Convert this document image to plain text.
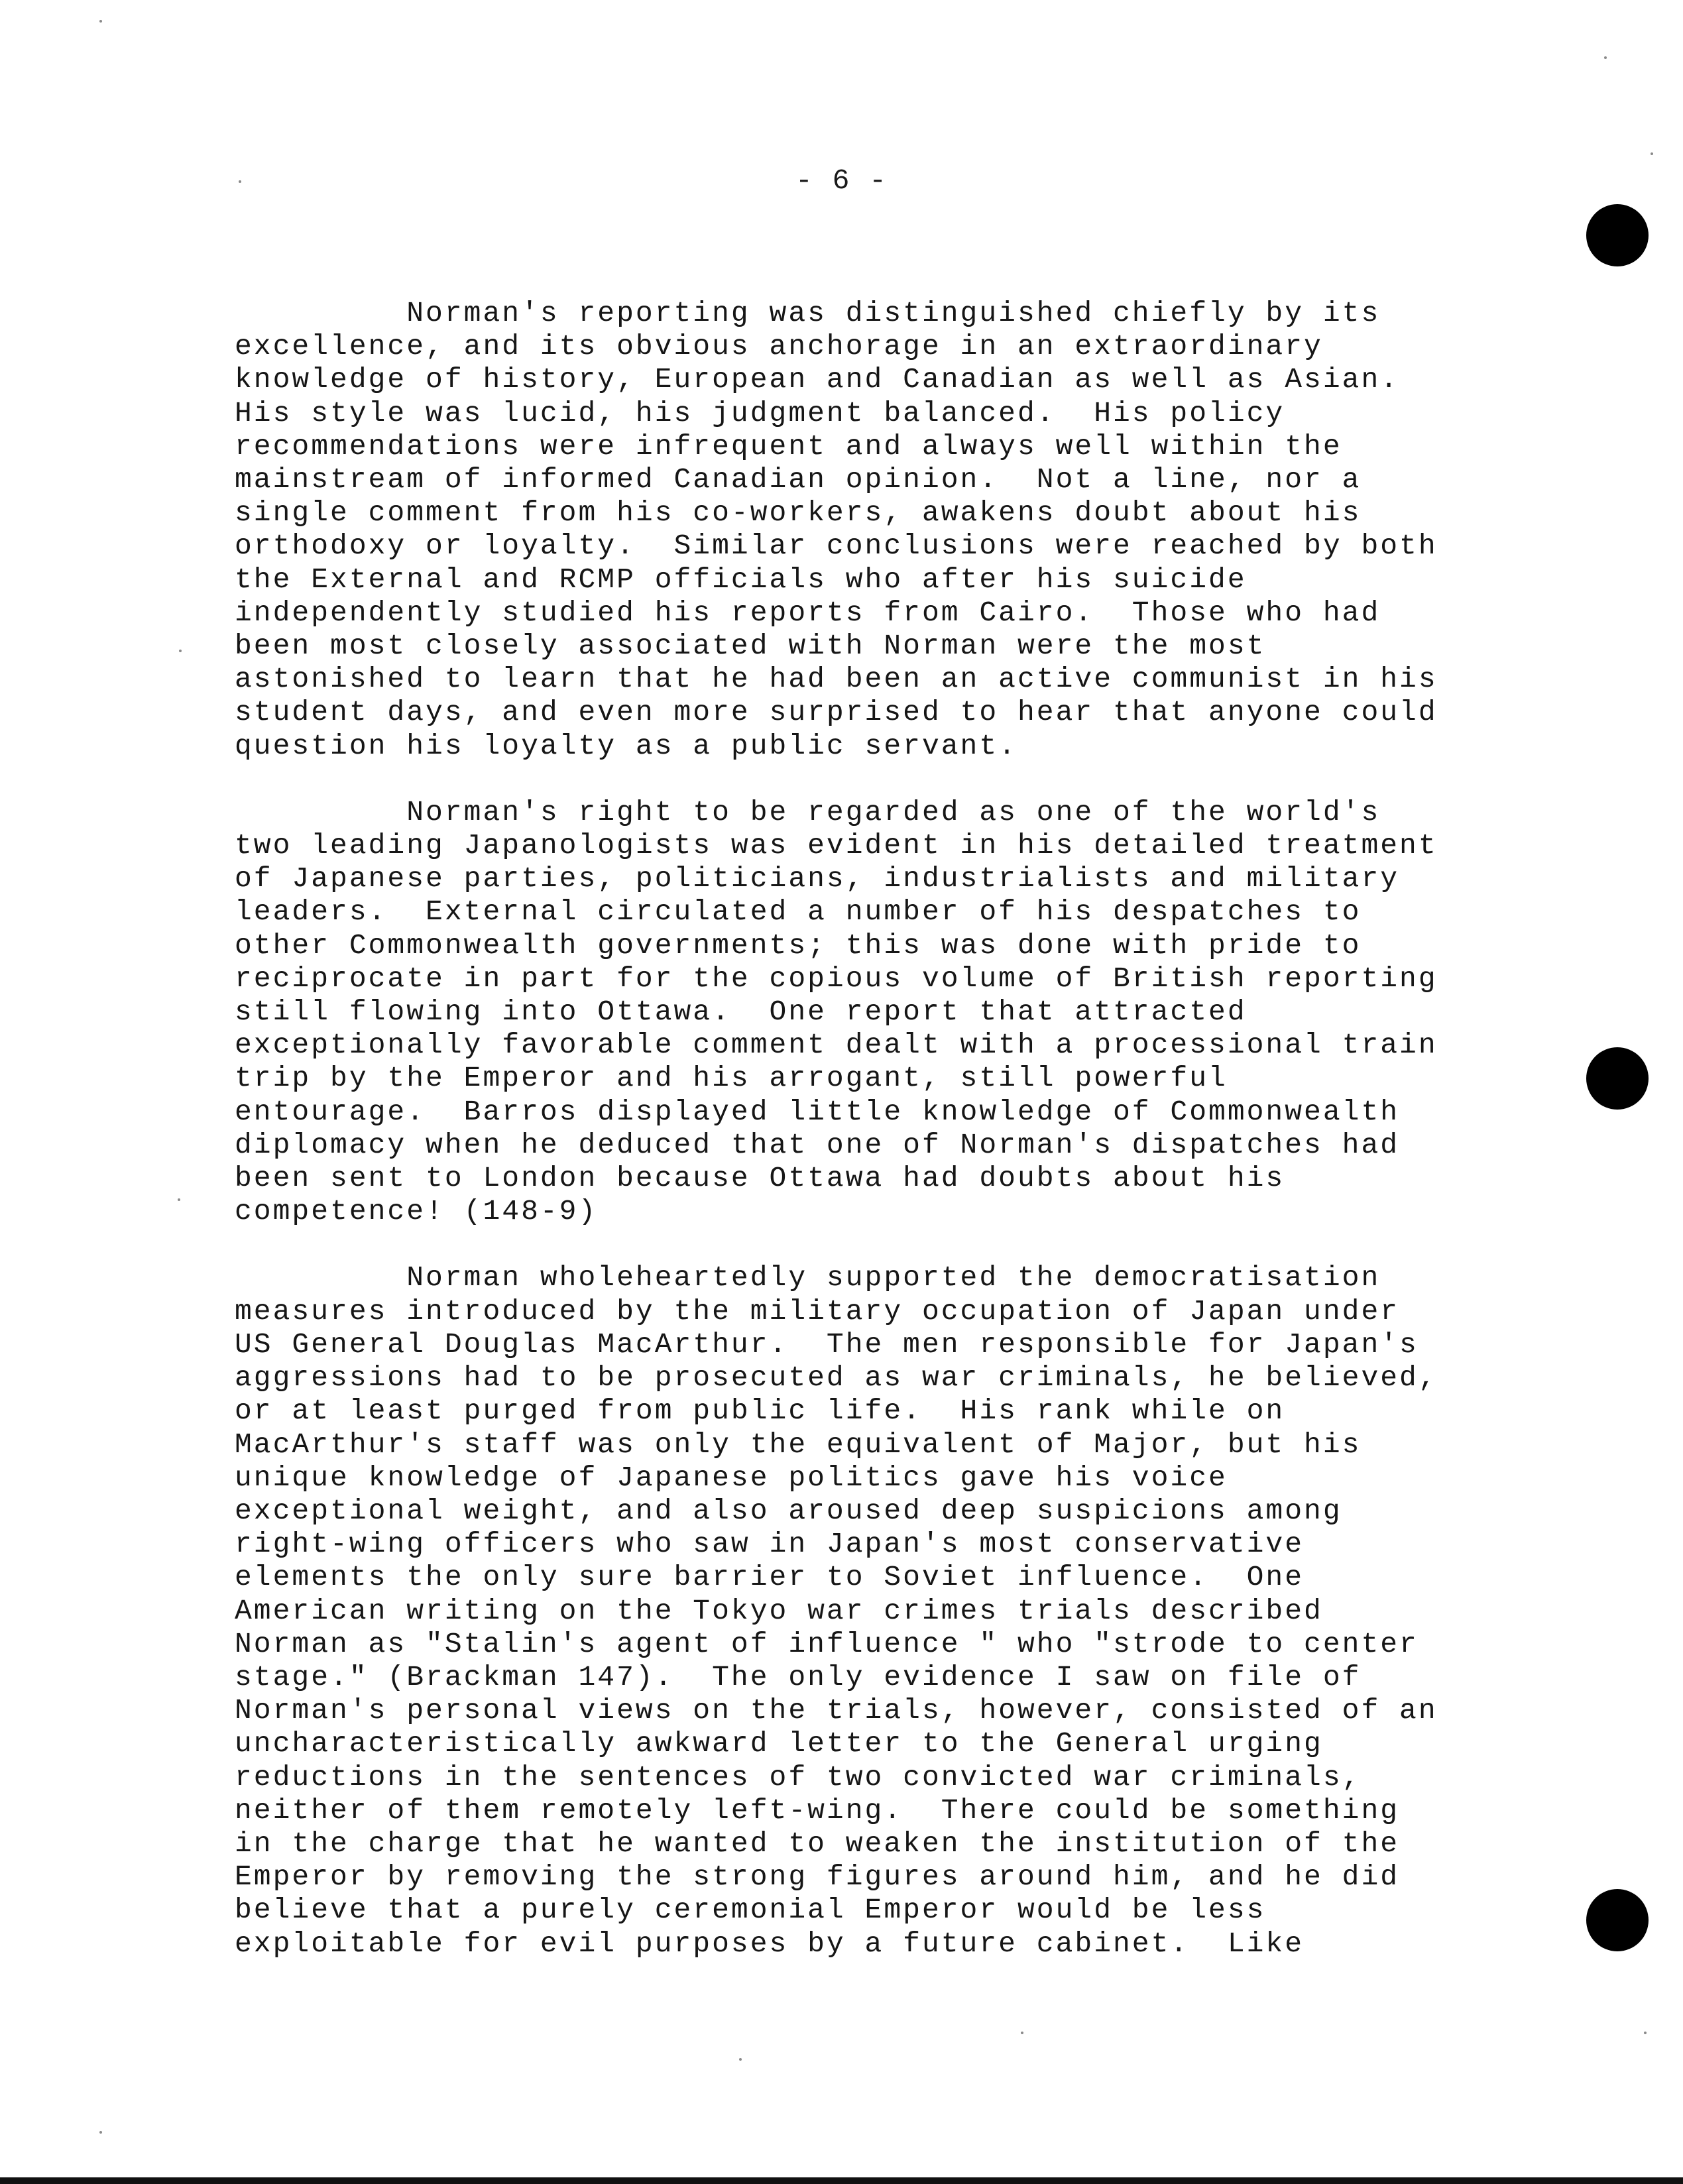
- 6 -
Norman's reporting was distinguished chiefly by its
excellence, and its obvious anchorage in an extraordinary
knowledge of history, European and Canadian as well as Asian.
His style was lucid, his judgment balanced.  His policy
recommendations were infrequent and always well within the
mainstream of informed Canadian opinion.  Not a line, nor a
single comment from his co-workers, awakens doubt about his
orthodoxy or loyalty.  Similar conclusions were reached by both
the External and RCMP officials who after his suicide
independently studied his reports from Cairo.  Those who had
been most closely associated with Norman were the most
astonished to learn that he had been an active communist in his
student days, and even more surprised to hear that anyone could
question his loyalty as a public servant.
Norman's right to be regarded as one of the world's
two leading Japanologists was evident in his detailed treatment
of Japanese parties, politicians, industrialists and military
leaders.  External circulated a number of his despatches to
other Commonwealth governments; this was done with pride to
reciprocate in part for the copious volume of British reporting
still flowing into Ottawa.  One report that attracted
exceptionally favorable comment dealt with a processional train
trip by the Emperor and his arrogant, still powerful
entourage.  Barros displayed little knowledge of Commonwealth
diplomacy when he deduced that one of Norman's dispatches had
been sent to London because Ottawa had doubts about his
competence! (148-9)
Norman wholeheartedly supported the democratisation
measures introduced by the military occupation of Japan under
US General Douglas MacArthur.  The men responsible for Japan's
aggressions had to be prosecuted as war criminals, he believed,
or at least purged from public life.  His rank while on
MacArthur's staff was only the equivalent of Major, but his
unique knowledge of Japanese politics gave his voice
exceptional weight, and also aroused deep suspicions among
right-wing officers who saw in Japan's most conservative
elements the only sure barrier to Soviet influence.  One
American writing on the Tokyo war crimes trials described
Norman as "Stalin's agent of influence " who "strode to center
stage." (Brackman 147).  The only evidence I saw on file of
Norman's personal views on the trials, however, consisted of an
uncharacteristically awkward letter to the General urging
reductions in the sentences of two convicted war criminals,
neither of them remotely left-wing.  There could be something
in the charge that he wanted to weaken the institution of the
Emperor by removing the strong figures around him, and he did
believe that a purely ceremonial Emperor would be less
exploitable for evil purposes by a future cabinet.  Like
